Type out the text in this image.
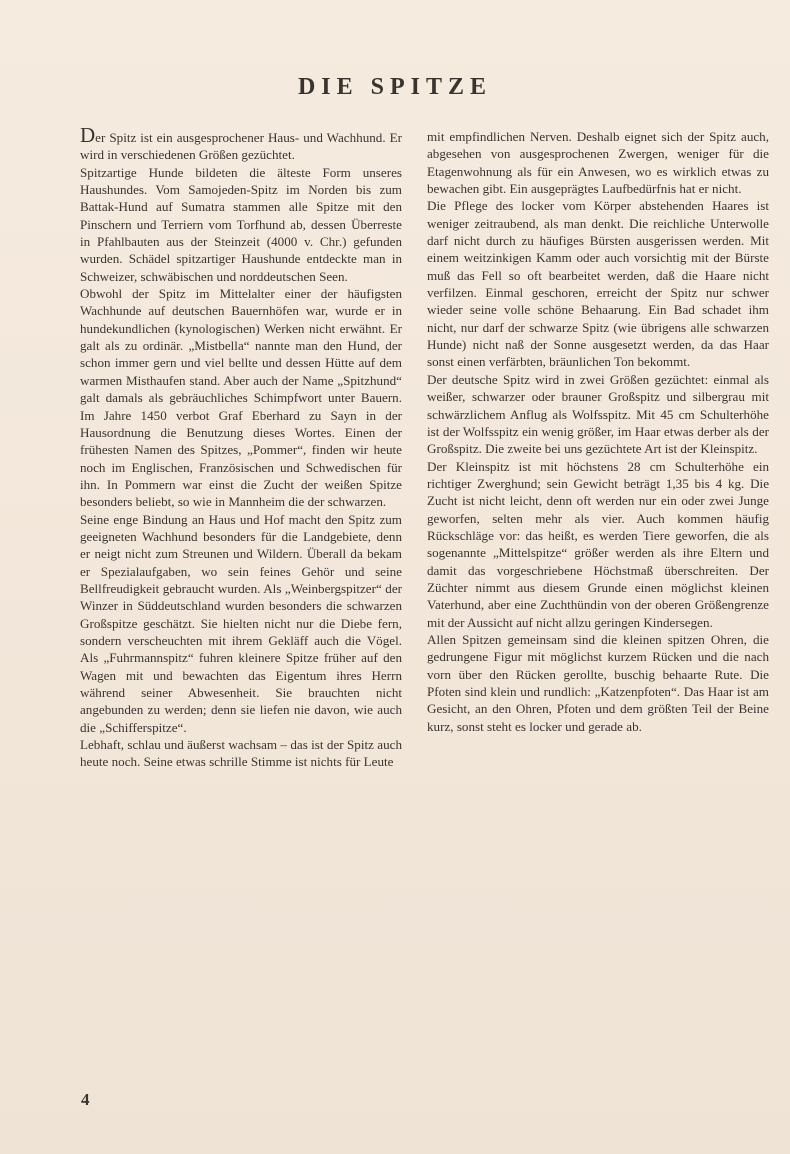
DIE SPITZE

Der Spitz ist ein ausgesprochener Haus- und Wachhund. Er wird in verschiedenen Größen gezüchtet.

Spitzartige Hunde bildeten die älteste Form unseres Haushundes. Vom Samojeden-Spitz im Norden bis zum Battak-Hund auf Sumatra stammen alle Spitze mit den Pinschern und Terriern vom Torfhund ab, dessen Überreste in Pfahlbauten aus der Steinzeit (4000 v. Chr.) gefunden wurden. Schädel spitzartiger Haushunde entdeckte man in Schweizer, schwäbischen und norddeutschen Seen.

Obwohl der Spitz im Mittelalter einer der häufigsten Wachhunde auf deutschen Bauernhöfen war, wurde er in hundekundlichen (kynologischen) Werken nicht erwähnt. Er galt als zu ordinär. „Mistbella“ nannte man den Hund, der schon immer gern und viel bellte und dessen Hütte auf dem warmen Misthaufen stand. Aber auch der Name „Spitzhund“ galt damals als gebräuchliches Schimpfwort unter Bauern. Im Jahre 1450 verbot Graf Eberhard zu Sayn in der Hausordnung die Benutzung dieses Wortes. Einen der frühesten Namen des Spitzes, „Pommer“, finden wir heute noch im Englischen, Französischen und Schwedischen für ihn. In Pommern war einst die Zucht der weißen Spitze besonders beliebt, so wie in Mannheim die der schwarzen.

Seine enge Bindung an Haus und Hof macht den Spitz zum geeigneten Wachhund besonders für die Landgebiete, denn er neigt nicht zum Streunen und Wildern. Überall da bekam er Spezialaufgaben, wo sein feines Gehör und seine Bellfreudigkeit gebraucht wurden. Als „Weinbergspitzer“ der Winzer in Süddeutschland wurden besonders die schwarzen Großspitze geschätzt. Sie hielten nicht nur die Diebe fern, sondern verscheuchten mit ihrem Gekläff auch die Vögel. Als „Fuhrmannspitz“ fuhren kleinere Spitze früher auf den Wagen mit und bewachten das Eigentum ihres Herrn während seiner Abwesenheit. Sie brauchten nicht angebunden zu werden; denn sie liefen nie davon, wie auch die „Schifferspitze“.

Lebhaft, schlau und äußerst wachsam – das ist der Spitz auch heute noch. Seine etwas schrille Stimme ist nichts für Leute

mit empfindlichen Nerven. Deshalb eignet sich der Spitz auch, abgesehen von ausgesprochenen Zwergen, weniger für die Etagenwohnung als für ein Anwesen, wo es wirklich etwas zu bewachen gibt. Ein ausgeprägtes Laufbedürfnis hat er nicht.

Die Pflege des locker vom Körper abstehenden Haares ist weniger zeitraubend, als man denkt. Die reichliche Unterwolle darf nicht durch zu häufiges Bürsten ausgerissen werden. Mit einem weitzinkigen Kamm oder auch vorsichtig mit der Bürste muß das Fell so oft bearbeitet werden, daß die Haare nicht verfilzen. Einmal geschoren, erreicht der Spitz nur schwer wieder seine volle schöne Behaarung. Ein Bad schadet ihm nicht, nur darf der schwarze Spitz (wie übrigens alle schwarzen Hunde) nicht naß der Sonne ausgesetzt werden, da das Haar sonst einen verfärbten, bräunlichen Ton bekommt.

Der deutsche Spitz wird in zwei Größen gezüchtet: einmal als weißer, schwarzer oder brauner Großspitz und silbergrau mit schwärzlichem Anflug als Wolfsspitz. Mit 45 cm Schulterhöhe ist der Wolfsspitz ein wenig größer, im Haar etwas derber als der Großspitz. Die zweite bei uns gezüchtete Art ist der Kleinspitz.

Der Kleinspitz ist mit höchstens 28 cm Schulterhöhe ein richtiger Zwerghund; sein Gewicht beträgt 1,35 bis 4 kg. Die Zucht ist nicht leicht, denn oft werden nur ein oder zwei Junge geworfen, selten mehr als vier. Auch kommen häufig Rückschläge vor: das heißt, es werden Tiere geworfen, die als sogenannte „Mittelspitze“ größer werden als ihre Eltern und damit das vorgeschriebene Höchstmaß überschreiten. Der Züchter nimmt aus diesem Grunde einen möglichst kleinen Vaterhund, aber eine Zuchthündin von der oberen Größengrenze mit der Aussicht auf nicht allzu geringen Kindersegen.

Allen Spitzen gemeinsam sind die kleinen spitzen Ohren, die gedrungene Figur mit möglichst kurzem Rücken und die nach vorn über den Rücken gerollte, buschig behaarte Rute. Die Pfoten sind klein und rundlich: „Katzenpfoten“. Das Haar ist am Gesicht, an den Ohren, Pfoten und dem größten Teil der Beine kurz, sonst steht es locker und gerade ab.

4
